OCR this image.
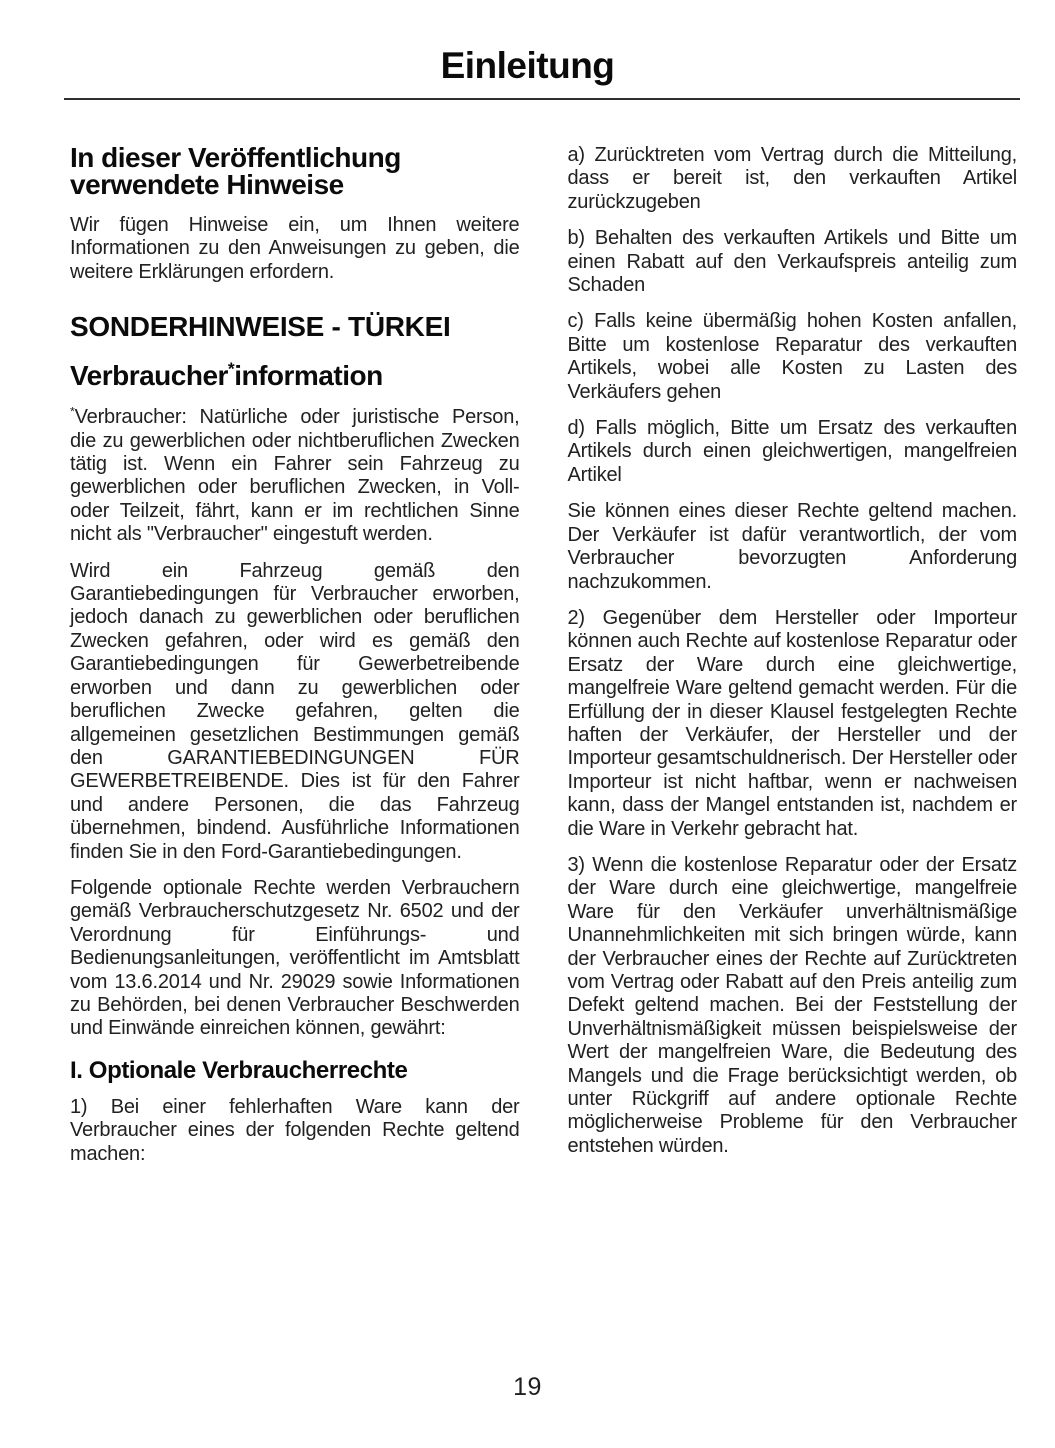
Einleitung
In dieser Veröffentlichung verwendete Hinweise

Wir fügen Hinweise ein, um Ihnen weitere Informationen zu den Anweisungen zu geben, die weitere Erklärungen erfordern.

SONDERHINWEISE - TÜRKEI
Verbraucher*information

*Verbraucher: Natürliche oder juristische Person, die zu gewerblichen oder nichtberuflichen Zwecken tätig ist. Wenn ein Fahrer sein Fahrzeug zu gewerblichen oder beruflichen Zwecken, in Voll- oder Teilzeit, fährt, kann er im rechtlichen Sinne nicht als "Verbraucher" eingestuft werden.

Wird ein Fahrzeug gemäß den Garantiebedingungen für Verbraucher erworben, jedoch danach zu gewerblichen oder beruflichen Zwecken gefahren, oder wird es gemäß den Garantiebedingungen für Gewerbetreibende erworben und dann zu gewerblichen oder beruflichen Zwecke gefahren, gelten die allgemeinen gesetzlichen Bestimmungen gemäß den GARANTIEBEDINGUNGEN FÜR GEWERBETREIBENDE. Dies ist für den Fahrer und andere Personen, die das Fahrzeug übernehmen, bindend. Ausführliche Informationen finden Sie in den Ford-Garantiebedingungen.

Folgende optionale Rechte werden Verbrauchern gemäß Verbraucherschutzgesetz Nr. 6502 und der Verordnung für Einführungs- und Bedienungsanleitungen, veröffentlicht im Amtsblatt vom 13.6.2014 und Nr. 29029 sowie Informationen zu Behörden, bei denen Verbraucher Beschwerden und Einwände einreichen können, gewährt:

I. Optionale Verbraucherrechte

1) Bei einer fehlerhaften Ware kann der Verbraucher eines der folgenden Rechte geltend machen:

a) Zurücktreten vom Vertrag durch die Mitteilung, dass er bereit ist, den verkauften Artikel zurückzugeben

b) Behalten des verkauften Artikels und Bitte um einen Rabatt auf den Verkaufspreis anteilig zum Schaden

c) Falls keine übermäßig hohen Kosten anfallen, Bitte um kostenlose Reparatur des verkauften Artikels, wobei alle Kosten zu Lasten des Verkäufers gehen

d) Falls möglich, Bitte um Ersatz des verkauften Artikels durch einen gleichwertigen, mangelfreien Artikel

Sie können eines dieser Rechte geltend machen. Der Verkäufer ist dafür verantwortlich, der vom Verbraucher bevorzugten Anforderung nachzukommen.

2) Gegenüber dem Hersteller oder Importeur können auch Rechte auf kostenlose Reparatur oder Ersatz der Ware durch eine gleichwertige, mangelfreie Ware geltend gemacht werden. Für die Erfüllung der in dieser Klausel festgelegten Rechte haften der Verkäufer, der Hersteller und der Importeur gesamtschuldnerisch. Der Hersteller oder Importeur ist nicht haftbar, wenn er nachweisen kann, dass der Mangel entstanden ist, nachdem er die Ware in Verkehr gebracht hat.

3) Wenn die kostenlose Reparatur oder der Ersatz der Ware durch eine gleichwertige, mangelfreie Ware für den Verkäufer unverhältnismäßige Unannehmlichkeiten mit sich bringen würde, kann der Verbraucher eines der Rechte auf Zurücktreten vom Vertrag oder Rabatt auf den Preis anteilig zum Defekt geltend machen. Bei der Feststellung der Unverhältnismäßigkeit müssen beispielsweise der Wert der mangelfreien Ware, die Bedeutung des Mangels und die Frage berücksichtigt werden, ob unter Rückgriff auf andere optionale Rechte möglicherweise Probleme für den Verbraucher entstehen würden.

19
